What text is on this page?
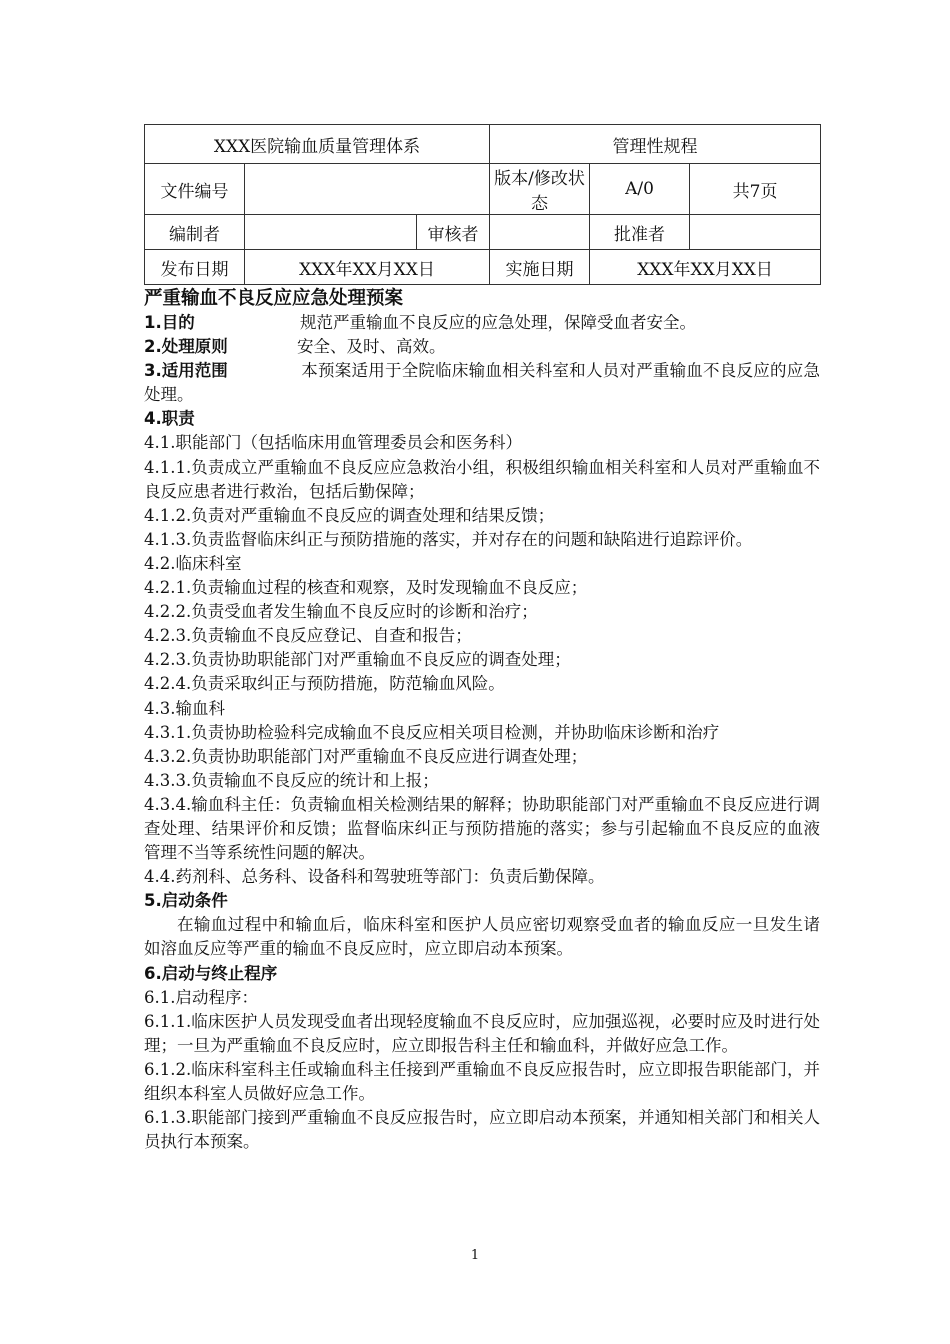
XXX医院输血质量管理体系			管理性规程		
文件编号			版本/修改状态	A/0	共7页
编制者		审核者		批准者	
发布日期	XXX年XX月XX日		实施日期	XXX年XX月XX日	
严重输血不良反应应急处理预案
1.目的	规范严重输血不良反应的应急处理，保障受血者安全。
2.处理原则	安全、及时、高效。
3.适用范围	本预案适用于全院临床输血相关科室和人员对严重输血不良反应的应急处理。
4.职责
4.1.职能部门（包括临床用血管理委员会和医务科）
4.1.1.负责成立严重输血不良反应应急救治小组，积极组织输血相关科室和人员对严重输血不良反应患者进行救治，包括后勤保障；
4.1.2.负责对严重输血不良反应的调查处理和结果反馈；
4.1.3.负责监督临床纠正与预防措施的落实，并对存在的问题和缺陷进行追踪评价。
4.2.临床科室
4.2.1.负责输血过程的核查和观察，及时发现输血不良反应；
4.2.2.负责受血者发生输血不良反应时的诊断和治疗；
4.2.3.负责输血不良反应登记、自查和报告；
4.2.3.负责协助职能部门对严重输血不良反应的调查处理；
4.2.4.负责采取纠正与预防措施，防范输血风险。
4.3.输血科
4.3.1.负责协助检验科完成输血不良反应相关项目检测，并协助临床诊断和治疗
4.3.2.负责协助职能部门对严重输血不良反应进行调查处理；
4.3.3.负责输血不良反应的统计和上报；
4.3.4.输血科主任：负责输血相关检测结果的解释；协助职能部门对严重输血不良反应进行调查处理、结果评价和反馈；监督临床纠正与预防措施的落实；参与引起输血不良反应的血液管理不当等系统性问题的解决。
4.4.药剂科、总务科、设备科和驾驶班等部门：负责后勤保障。
5.启动条件
在输血过程中和输血后，临床科室和医护人员应密切观察受血者的输血反应一旦发生诸如溶血反应等严重的输血不良反应时，应立即启动本预案。
6.启动与终止程序
6.1.启动程序：
6.1.1.临床医护人员发现受血者出现轻度输血不良反应时，应加强巡视，必要时应及时进行处理；一旦为严重输血不良反应时，应立即报告科主任和输血科，并做好应急工作。
6.1.2.临床科室科主任或输血科主任接到严重输血不良反应报告时，应立即报告职能部门，并组织本科室人员做好应急工作。
6.1.3.职能部门接到严重输血不良反应报告时，应立即启动本预案，并通知相关部门和相关人员执行本预案。
1
